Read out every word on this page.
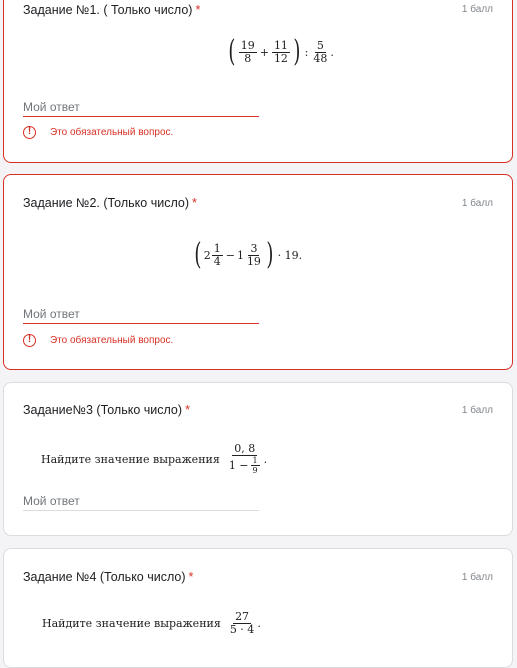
Задание №1. ( Только число) *	1 балл
( $\frac{19}{8} + \frac{11}{12}$ ) : $\frac{5}{48}$ .
Мой ответ
!	Это обязательный вопрос.
Задание №2. (Только число) *	1 балл
( $2 \frac{1}{4} - 1 \frac{3}{19}$ ) · 19.
Мой ответ
!	Это обязательный вопрос.
Задание№3 (Только число) *	1 балл
Найдите значение выражения $\frac{0, 8}{1 - \frac{1}{9}}$ .
Мой ответ
Задание №4 (Только число) *	1 балл
Найдите значение выражения $\frac{27}{5 \cdot 4}$ .
